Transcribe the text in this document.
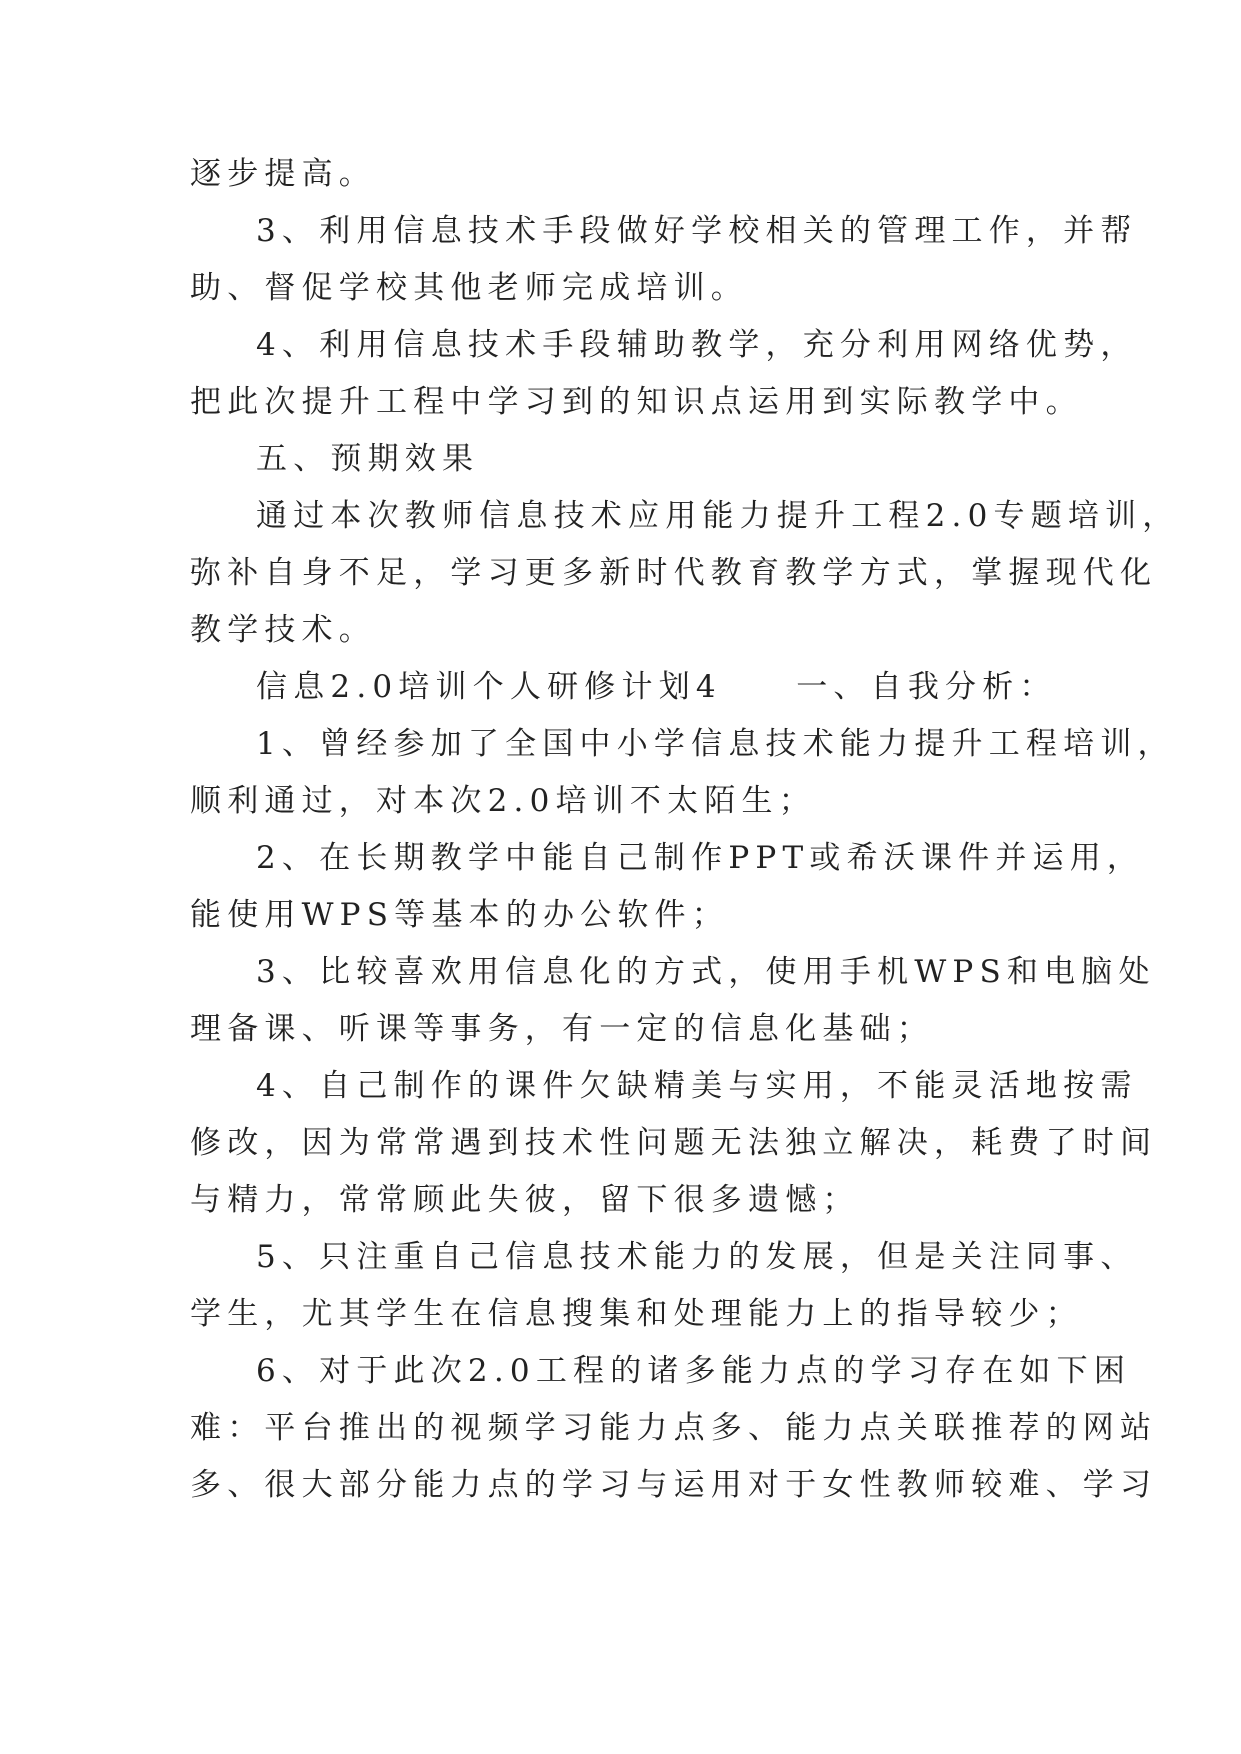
逐步提高。

3、利用信息技术手段做好学校相关的管理工作，并帮

助、督促学校其他老师完成培训。

4、利用信息技术手段辅助教学，充分利用网络优势，

把此次提升工程中学习到的知识点运用到实际教学中。

五、预期效果

通过本次教师信息技术应用能力提升工程2.0专题培训，

弥补自身不足，学习更多新时代教育教学方式，掌握现代化

教学技术。

信息2.0培训个人研修计划4　　一、自我分析：

1、曾经参加了全国中小学信息技术能力提升工程培训，

顺利通过，对本次2.0培训不太陌生；

2、在长期教学中能自己制作PPT或希沃课件并运用，

能使用WPS等基本的办公软件；

3、比较喜欢用信息化的方式，使用手机WPS和电脑处

理备课、听课等事务，有一定的信息化基础；

4、自己制作的课件欠缺精美与实用，不能灵活地按需

修改，因为常常遇到技术性问题无法独立解决，耗费了时间

与精力，常常顾此失彼，留下很多遗憾；

5、只注重自己信息技术能力的发展，但是关注同事、

学生，尤其学生在信息搜集和处理能力上的指导较少；

6、对于此次2.0工程的诸多能力点的学习存在如下困

难：平台推出的视频学习能力点多、能力点关联推荐的网站

多、很大部分能力点的学习与运用对于女性教师较难、学习
